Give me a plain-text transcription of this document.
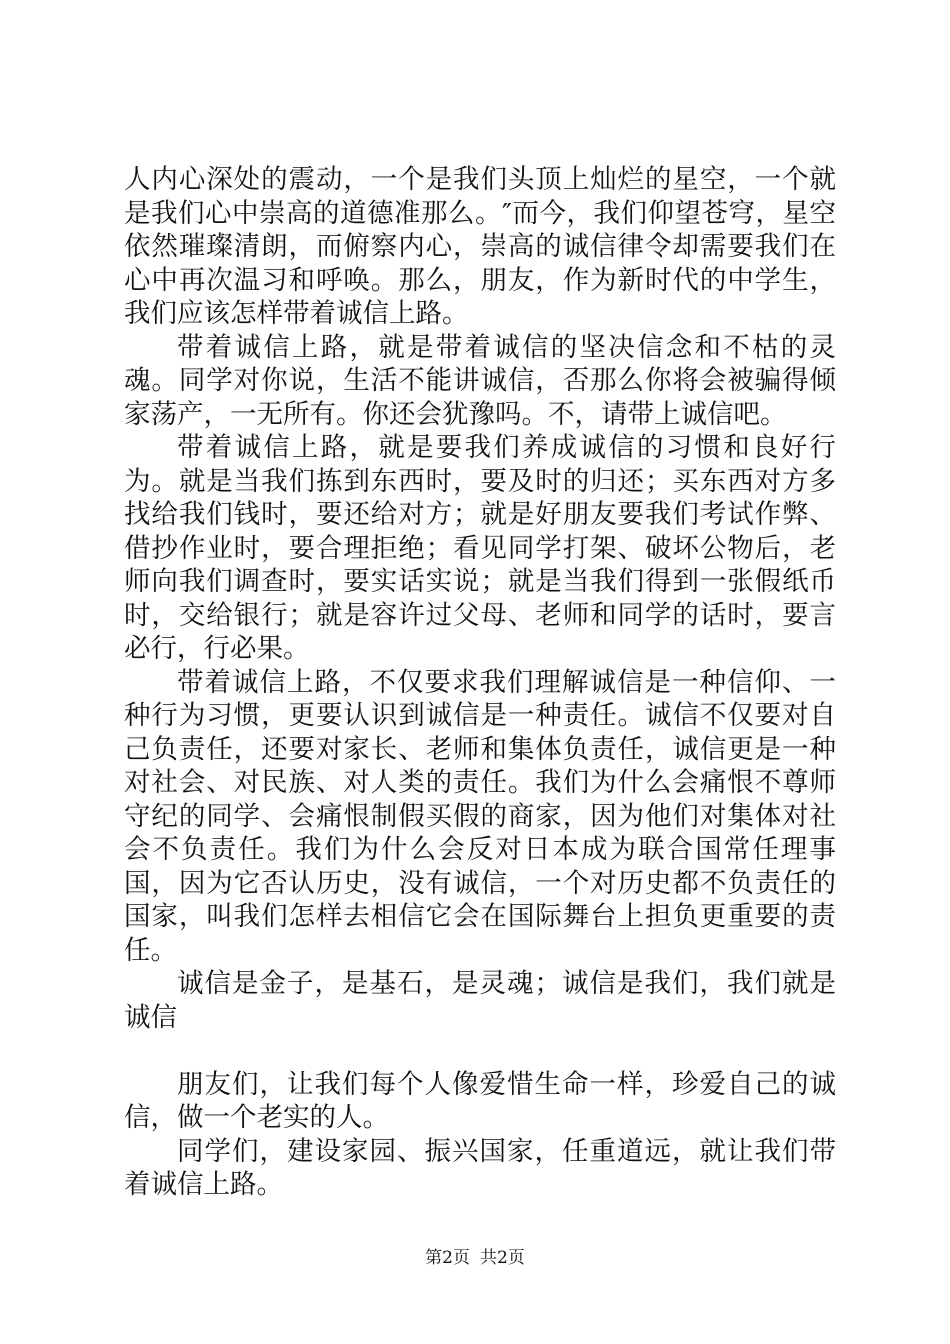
人内心深处的震动，一个是我们头顶上灿烂的星空，一个就是我们心中崇高的道德准那么。″而今，我们仰望苍穹，星空依然璀璨清朗，而俯察内心，崇高的诚信律令却需要我们在心中再次温习和呼唤。那么，朋友，作为新时代的中学生，我们应该怎样带着诚信上路。

带着诚信上路，就是带着诚信的坚决信念和不枯的灵魂。同学对你说，生活不能讲诚信，否那么你将会被骗得倾家荡产，一无所有。你还会犹豫吗。不，请带上诚信吧。

带着诚信上路，就是要我们养成诚信的习惯和良好行为。就是当我们拣到东西时，要及时的归还；买东西对方多找给我们钱时，要还给对方；就是好朋友要我们考试作弊、借抄作业时，要合理拒绝；看见同学打架、破坏公物后，老师向我们调查时，要实话实说；就是当我们得到一张假纸币时，交给银行；就是容许过父母、老师和同学的话时，要言必行，行必果。

带着诚信上路，不仅要求我们理解诚信是一种信仰、一种行为习惯，更要认识到诚信是一种责任。诚信不仅要对自己负责任，还要对家长、老师和集体负责任，诚信更是一种对社会、对民族、对人类的责任。我们为什么会痛恨不尊师守纪的同学、会痛恨制假买假的商家，因为他们对集体对社会不负责任。我们为什么会反对日本成为联合国常任理事国，因为它否认历史，没有诚信，一个对历史都不负责任的国家，叫我们怎样去相信它会在国际舞台上担负更重要的责任。

诚信是金子，是基石，是灵魂；诚信是我们，我们就是诚信

朋友们，让我们每个人像爱惜生命一样，珍爱自己的诚信，做一个老实的人。

同学们，建设家园、振兴国家，任重道远，就让我们带着诚信上路。

第2页 共2页
